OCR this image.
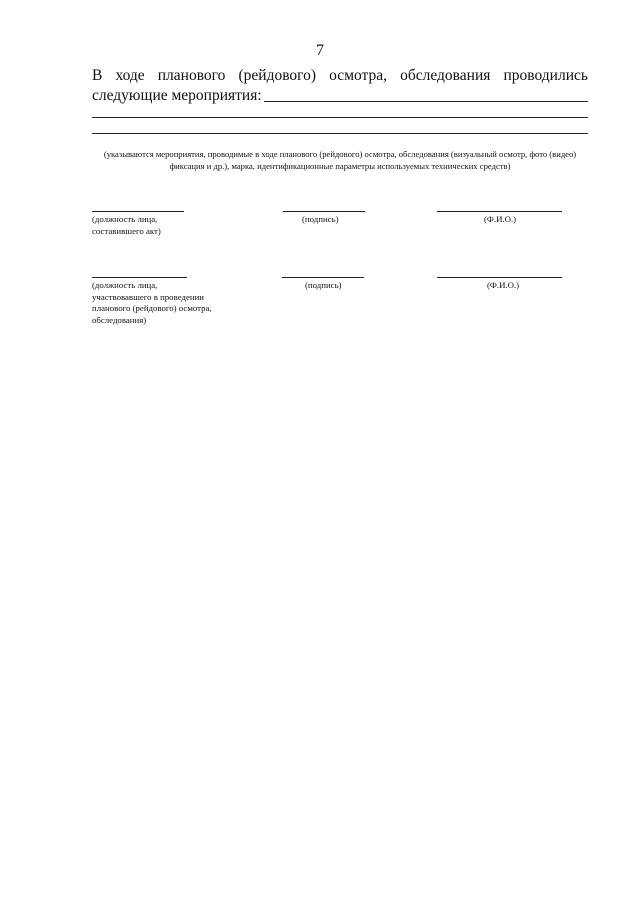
7
В ходе планового (рейдового) осмотра, обследования проводились
следующие мероприятия:
(указываются мероприятия, проводимые в ходе планового (рейдового) осмотра, обследования (визуальный осмотр, фото (видео) фиксация и др.), марка, идентификационные параметры используемых технических средств)
(должность лица,
составившего акт)
(подпись)	(Ф.И.О.)
(должность лица,
участвовавшего в проведении
планового (рейдового) осмотра,
обследования)
(подпись)	(Ф.И.О.)
